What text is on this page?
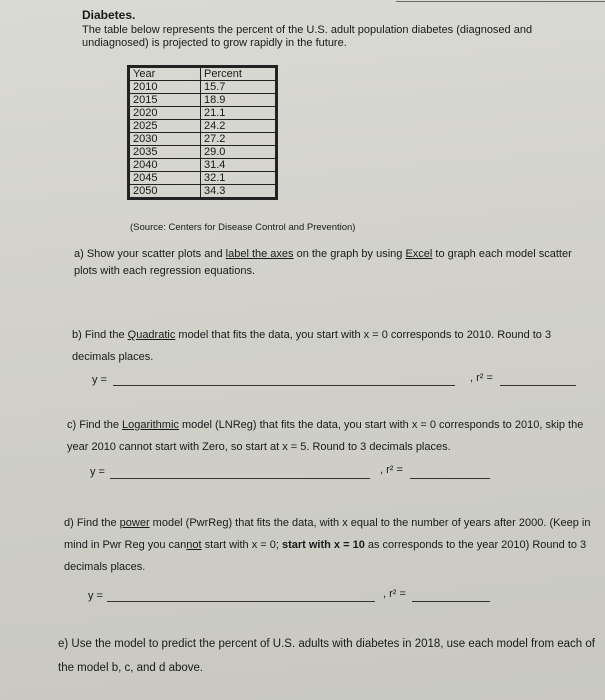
Diabetes.
The table below represents the percent of the U.S. adult population diabetes (diagnosed and undiagnosed) is projected to grow rapidly in the future.
Year	Percent
2010	15.7
2015	18.9
2020	21.1
2025	24.2
2030	27.2
2035	29.0
2040	31.4
2045	32.1
2050	34.3
(Source: Centers for Disease Control and Prevention)
a) Show your scatter plots and label the axes on the graph by using Excel to graph each model scatter plots with each regression equations.
b) Find the Quadratic model that fits the data, you start with x = 0 corresponds to 2010. Round to 3 decimals places.
y =	, r² =
c) Find the Logarithmic model (LNReg) that fits the data, you start with x = 0 corresponds to 2010, skip the year 2010 cannot start with Zero, so start at x = 5. Round to 3 decimals places.
y =	, r² =
d) Find the power model (PwrReg) that fits the data, with x equal to the number of years after 2000. (Keep in mind in Pwr Reg you cannot start with x = 0; start with x = 10 as corresponds to the year 2010) Round to 3 decimals places.
y =	, r² =
e) Use the model to predict the percent of U.S. adults with diabetes in 2018, use each model from each of the model b, c, and d above.
